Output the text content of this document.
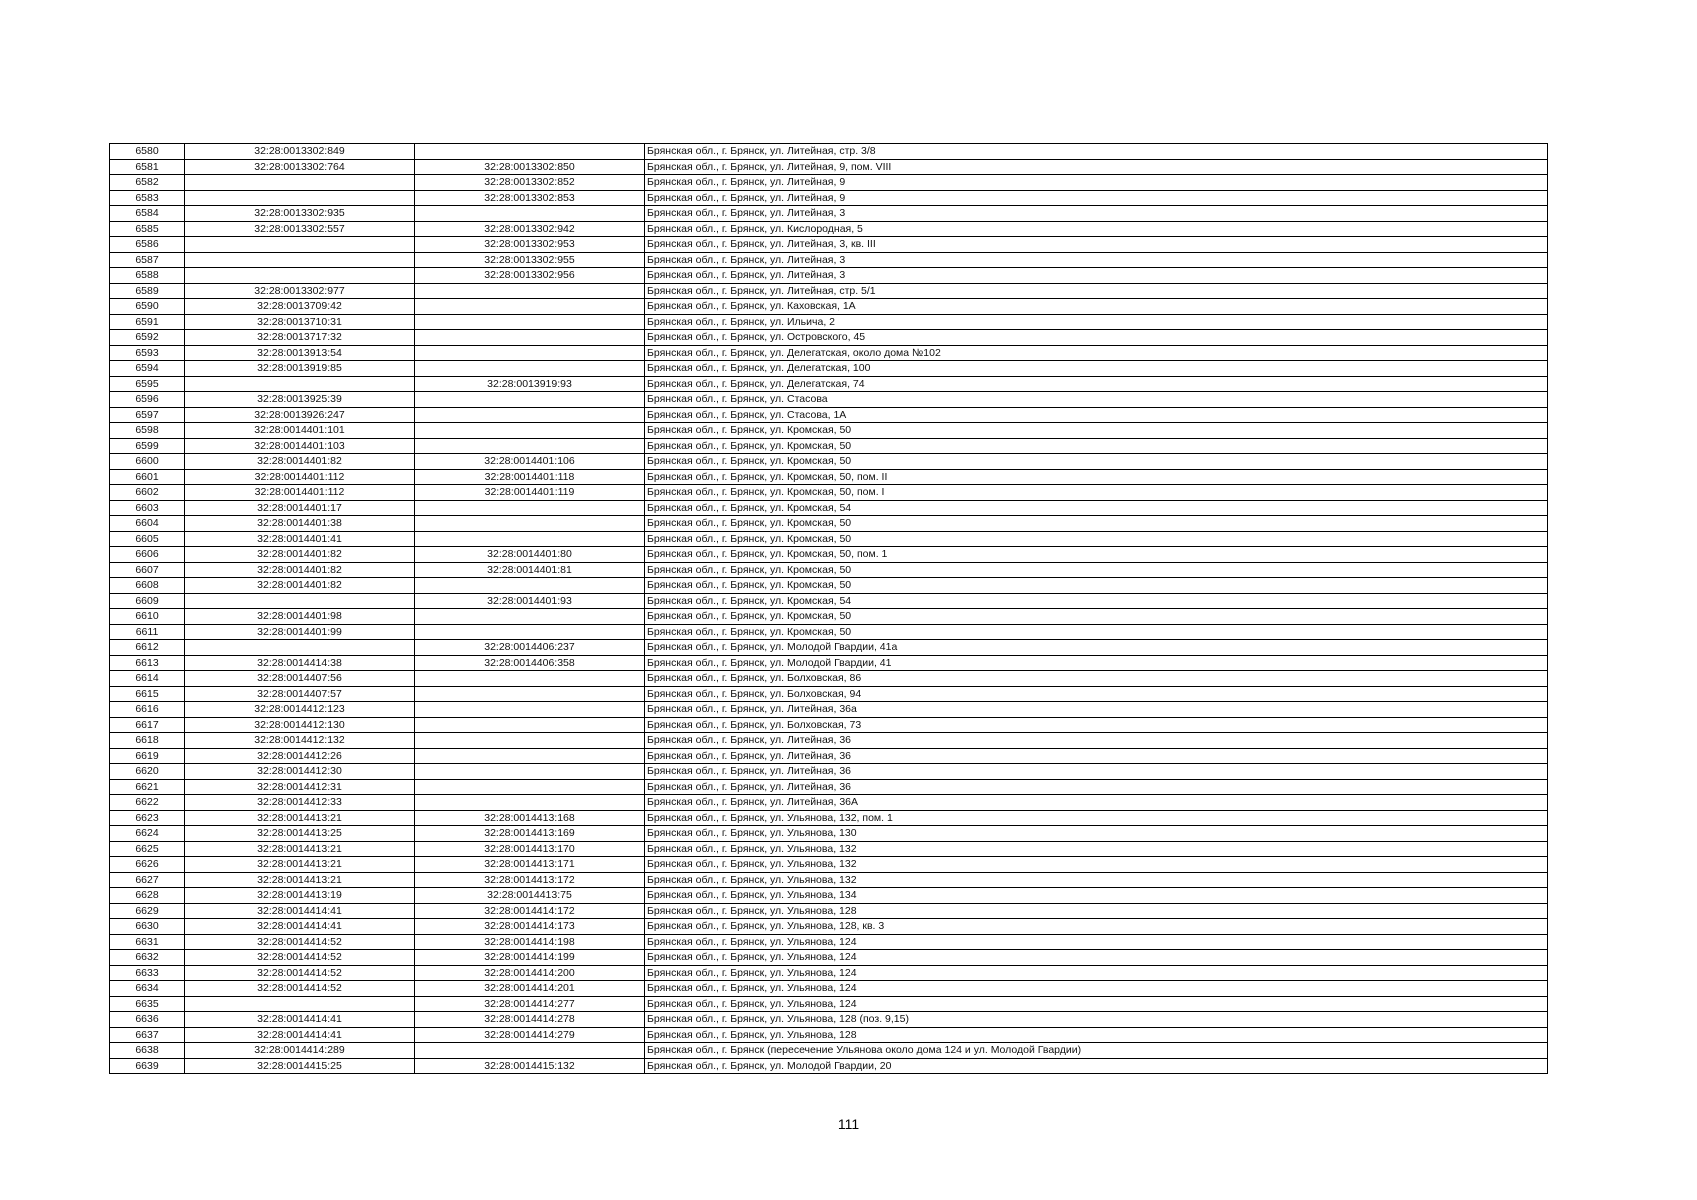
6580	32:28:0013302:849		Брянская обл., г. Брянск, ул. Литейная, стр. 3/8
6581	32:28:0013302:764	32:28:0013302:850	Брянская обл., г. Брянск, ул. Литейная, 9, пом. VIII
6582		32:28:0013302:852	Брянская обл., г. Брянск, ул. Литейная, 9
6583		32:28:0013302:853	Брянская обл., г. Брянск, ул. Литейная, 9
6584	32:28:0013302:935		Брянская обл., г. Брянск, ул. Литейная, 3
6585	32:28:0013302:557	32:28:0013302:942	Брянская обл., г. Брянск, ул. Кислородная, 5
6586		32:28:0013302:953	Брянская обл., г. Брянск, ул. Литейная, 3, кв. III
6587		32:28:0013302:955	Брянская обл., г. Брянск, ул. Литейная, 3
6588		32:28:0013302:956	Брянская обл., г. Брянск, ул. Литейная, 3
6589	32:28:0013302:977		Брянская обл., г. Брянск, ул. Литейная, стр. 5/1
6590	32:28:0013709:42		Брянская обл., г. Брянск, ул. Каховская, 1А
6591	32:28:0013710:31		Брянская обл., г. Брянск, ул. Ильича, 2
6592	32:28:0013717:32		Брянская обл., г. Брянск, ул. Островского, 45
6593	32:28:0013913:54		Брянская обл., г. Брянск, ул. Делегатская, около дома №102
6594	32:28:0013919:85		Брянская обл., г. Брянск, ул. Делегатская, 100
6595		32:28:0013919:93	Брянская обл., г. Брянск, ул. Делегатская, 74
6596	32:28:0013925:39		Брянская обл., г. Брянск, ул. Стасова
6597	32:28:0013926:247		Брянская обл., г. Брянск, ул. Стасова, 1А
6598	32:28:0014401:101		Брянская обл., г. Брянск, ул. Кромская, 50
6599	32:28:0014401:103		Брянская обл., г. Брянск, ул. Кромская, 50
6600	32:28:0014401:82	32:28:0014401:106	Брянская обл., г. Брянск, ул. Кромская, 50
6601	32:28:0014401:112	32:28:0014401:118	Брянская обл., г. Брянск, ул. Кромская, 50, пом. II
6602	32:28:0014401:112	32:28:0014401:119	Брянская обл., г. Брянск, ул. Кромская, 50, пом. I
6603	32:28:0014401:17		Брянская обл., г. Брянск, ул. Кромская, 54
6604	32:28:0014401:38		Брянская обл., г. Брянск, ул. Кромская, 50
6605	32:28:0014401:41		Брянская обл., г. Брянск, ул. Кромская, 50
6606	32:28:0014401:82	32:28:0014401:80	Брянская обл., г. Брянск, ул. Кромская, 50, пом. 1
6607	32:28:0014401:82	32:28:0014401:81	Брянская обл., г. Брянск, ул. Кромская, 50
6608	32:28:0014401:82		Брянская обл., г. Брянск, ул. Кромская, 50
6609		32:28:0014401:93	Брянская обл., г. Брянск, ул. Кромская, 54
6610	32:28:0014401:98		Брянская обл., г. Брянск, ул. Кромская, 50
6611	32:28:0014401:99		Брянская обл., г. Брянск, ул. Кромская, 50
6612		32:28:0014406:237	Брянская обл., г. Брянск, ул. Молодой Гвардии, 41а
6613	32:28:0014414:38	32:28:0014406:358	Брянская обл., г. Брянск, ул. Молодой Гвардии, 41
6614	32:28:0014407:56		Брянская обл., г. Брянск, ул. Болховская, 86
6615	32:28:0014407:57		Брянская обл., г. Брянск, ул. Болховская, 94
6616	32:28:0014412:123		Брянская обл., г. Брянск, ул. Литейная, 36а
6617	32:28:0014412:130		Брянская обл., г. Брянск, ул. Болховская, 73
6618	32:28:0014412:132		Брянская обл., г. Брянск, ул. Литейная, 36
6619	32:28:0014412:26		Брянская обл., г. Брянск, ул. Литейная, 36
6620	32:28:0014412:30		Брянская обл., г. Брянск, ул. Литейная, 36
6621	32:28:0014412:31		Брянская обл., г. Брянск, ул. Литейная, 36
6622	32:28:0014412:33		Брянская обл., г. Брянск, ул. Литейная, 36А
6623	32:28:0014413:21	32:28:0014413:168	Брянская обл., г. Брянск, ул. Ульянова, 132, пом. 1
6624	32:28:0014413:25	32:28:0014413:169	Брянская обл., г. Брянск, ул. Ульянова, 130
6625	32:28:0014413:21	32:28:0014413:170	Брянская обл., г. Брянск, ул. Ульянова, 132
6626	32:28:0014413:21	32:28:0014413:171	Брянская обл., г. Брянск, ул. Ульянова, 132
6627	32:28:0014413:21	32:28:0014413:172	Брянская обл., г. Брянск, ул. Ульянова, 132
6628	32:28:0014413:19	32:28:0014413:75	Брянская обл., г. Брянск, ул. Ульянова, 134
6629	32:28:0014414:41	32:28:0014414:172	Брянская обл., г. Брянск, ул. Ульянова, 128
6630	32:28:0014414:41	32:28:0014414:173	Брянская обл., г. Брянск, ул. Ульянова, 128, кв. 3
6631	32:28:0014414:52	32:28:0014414:198	Брянская обл., г. Брянск, ул. Ульянова, 124
6632	32:28:0014414:52	32:28:0014414:199	Брянская обл., г. Брянск, ул. Ульянова, 124
6633	32:28:0014414:52	32:28:0014414:200	Брянская обл., г. Брянск, ул. Ульянова, 124
6634	32:28:0014414:52	32:28:0014414:201	Брянская обл., г. Брянск, ул. Ульянова, 124
6635		32:28:0014414:277	Брянская обл., г. Брянск, ул. Ульянова, 124
6636	32:28:0014414:41	32:28:0014414:278	Брянская обл., г. Брянск, ул. Ульянова, 128 (поз. 9,15)
6637	32:28:0014414:41	32:28:0014414:279	Брянская обл., г. Брянск, ул. Ульянова, 128
6638	32:28:0014414:289		Брянская обл., г. Брянск (пересечение Ульянова около дома 124 и ул. Молодой Гвардии)
6639	32:28:0014415:25	32:28:0014415:132	Брянская обл., г. Брянск, ул. Молодой Гвардии, 20
111
